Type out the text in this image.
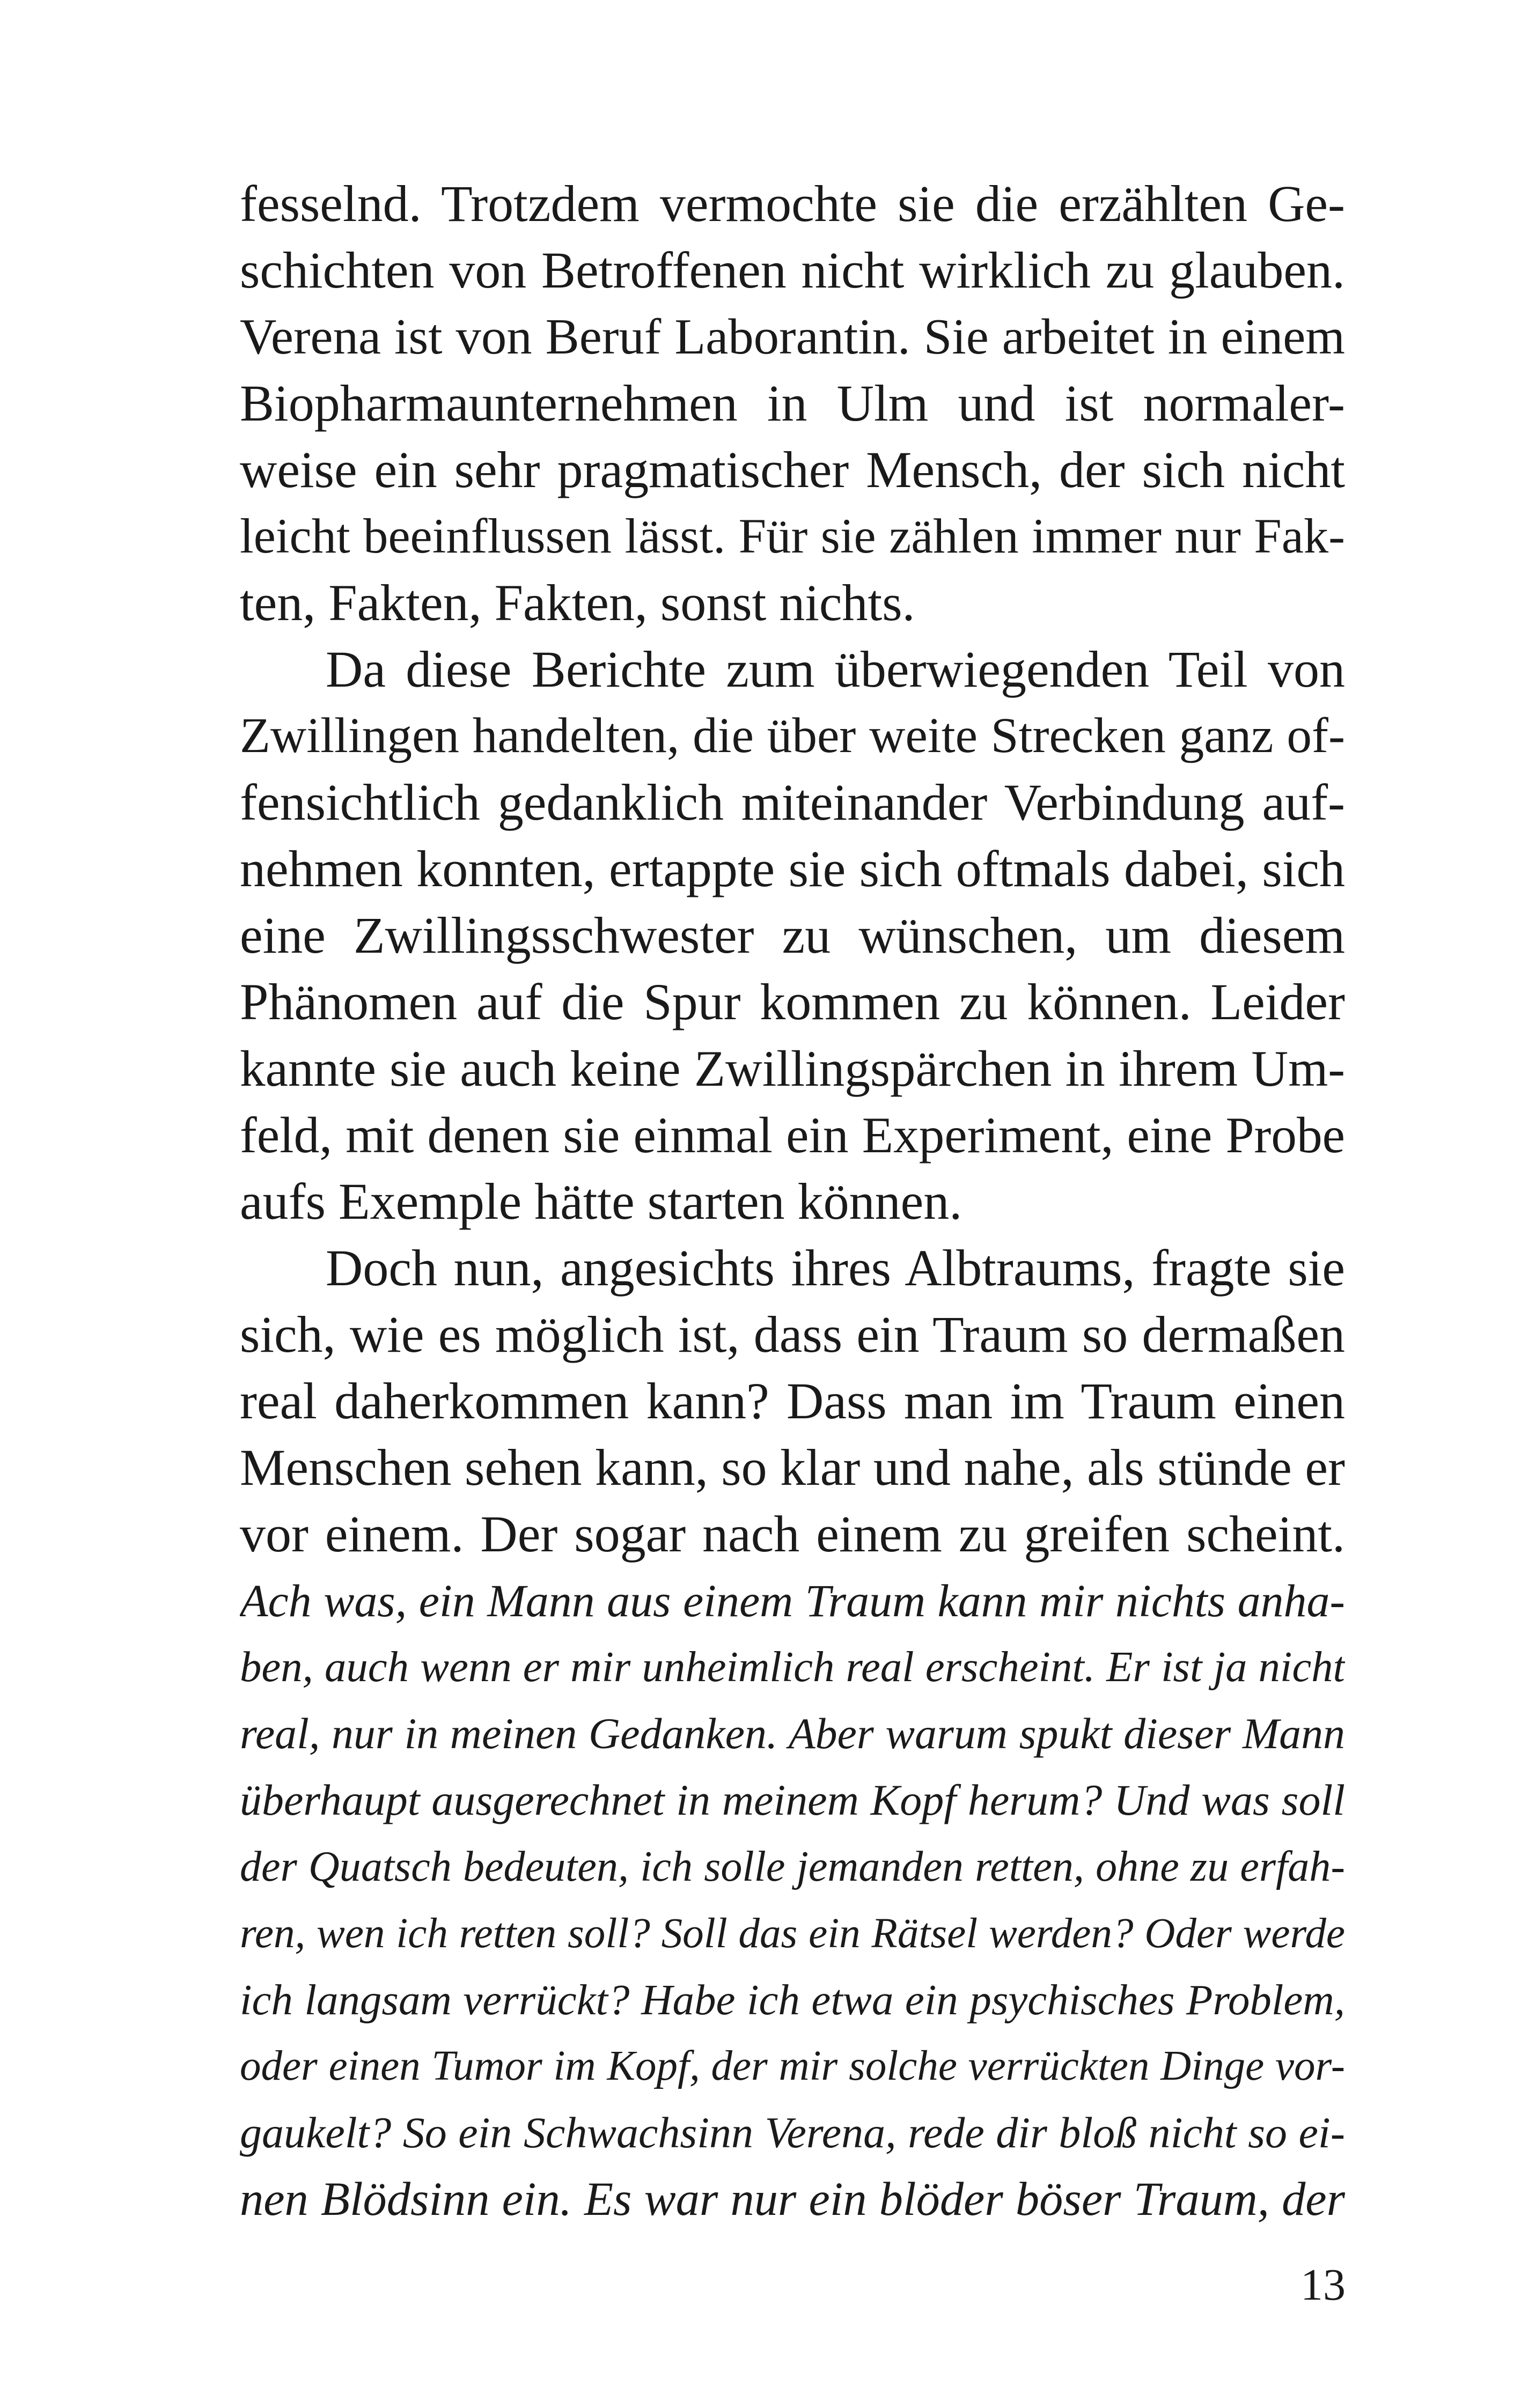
fesselnd. Trotzdem vermochte sie die erzählten Ge-
schichten von Betroffenen nicht wirklich zu glauben.
Verena ist von Beruf Laborantin. Sie arbeitet in einem
Biopharmaunternehmen in Ulm und ist normaler-
weise ein sehr pragmatischer Mensch, der sich nicht
leicht beeinflussen lässt. Für sie zählen immer nur Fak-
ten, Fakten, Fakten, sonst nichts.
Da diese Berichte zum überwiegenden Teil von
Zwillingen handelten, die über weite Strecken ganz of-
fensichtlich gedanklich miteinander Verbindung auf-
nehmen konnten, ertappte sie sich oftmals dabei, sich
eine Zwillingsschwester zu wünschen, um diesem
Phänomen auf die Spur kommen zu können. Leider
kannte sie auch keine Zwillingspärchen in ihrem Um-
feld, mit denen sie einmal ein Experiment, eine Probe
aufs Exemple hätte starten können.
Doch nun, angesichts ihres Albtraums, fragte sie
sich, wie es möglich ist, dass ein Traum so dermaßen
real daherkommen kann? Dass man im Traum einen
Menschen sehen kann, so klar und nahe, als stünde er
vor einem. Der sogar nach einem zu greifen scheint.
Ach was, ein Mann aus einem Traum kann mir nichts anha-
ben, auch wenn er mir unheimlich real erscheint. Er ist ja nicht
real, nur in meinen Gedanken. Aber warum spukt dieser Mann
überhaupt ausgerechnet in meinem Kopf herum? Und was soll
der Quatsch bedeuten, ich solle jemanden retten, ohne zu erfah-
ren, wen ich retten soll? Soll das ein Rätsel werden? Oder werde
ich langsam verrückt? Habe ich etwa ein psychisches Problem,
oder einen Tumor im Kopf, der mir solche verrückten Dinge vor-
gaukelt? So ein Schwachsinn Verena, rede dir bloß nicht so ei-
nen Blödsinn ein. Es war nur ein blöder böser Traum, der
13
